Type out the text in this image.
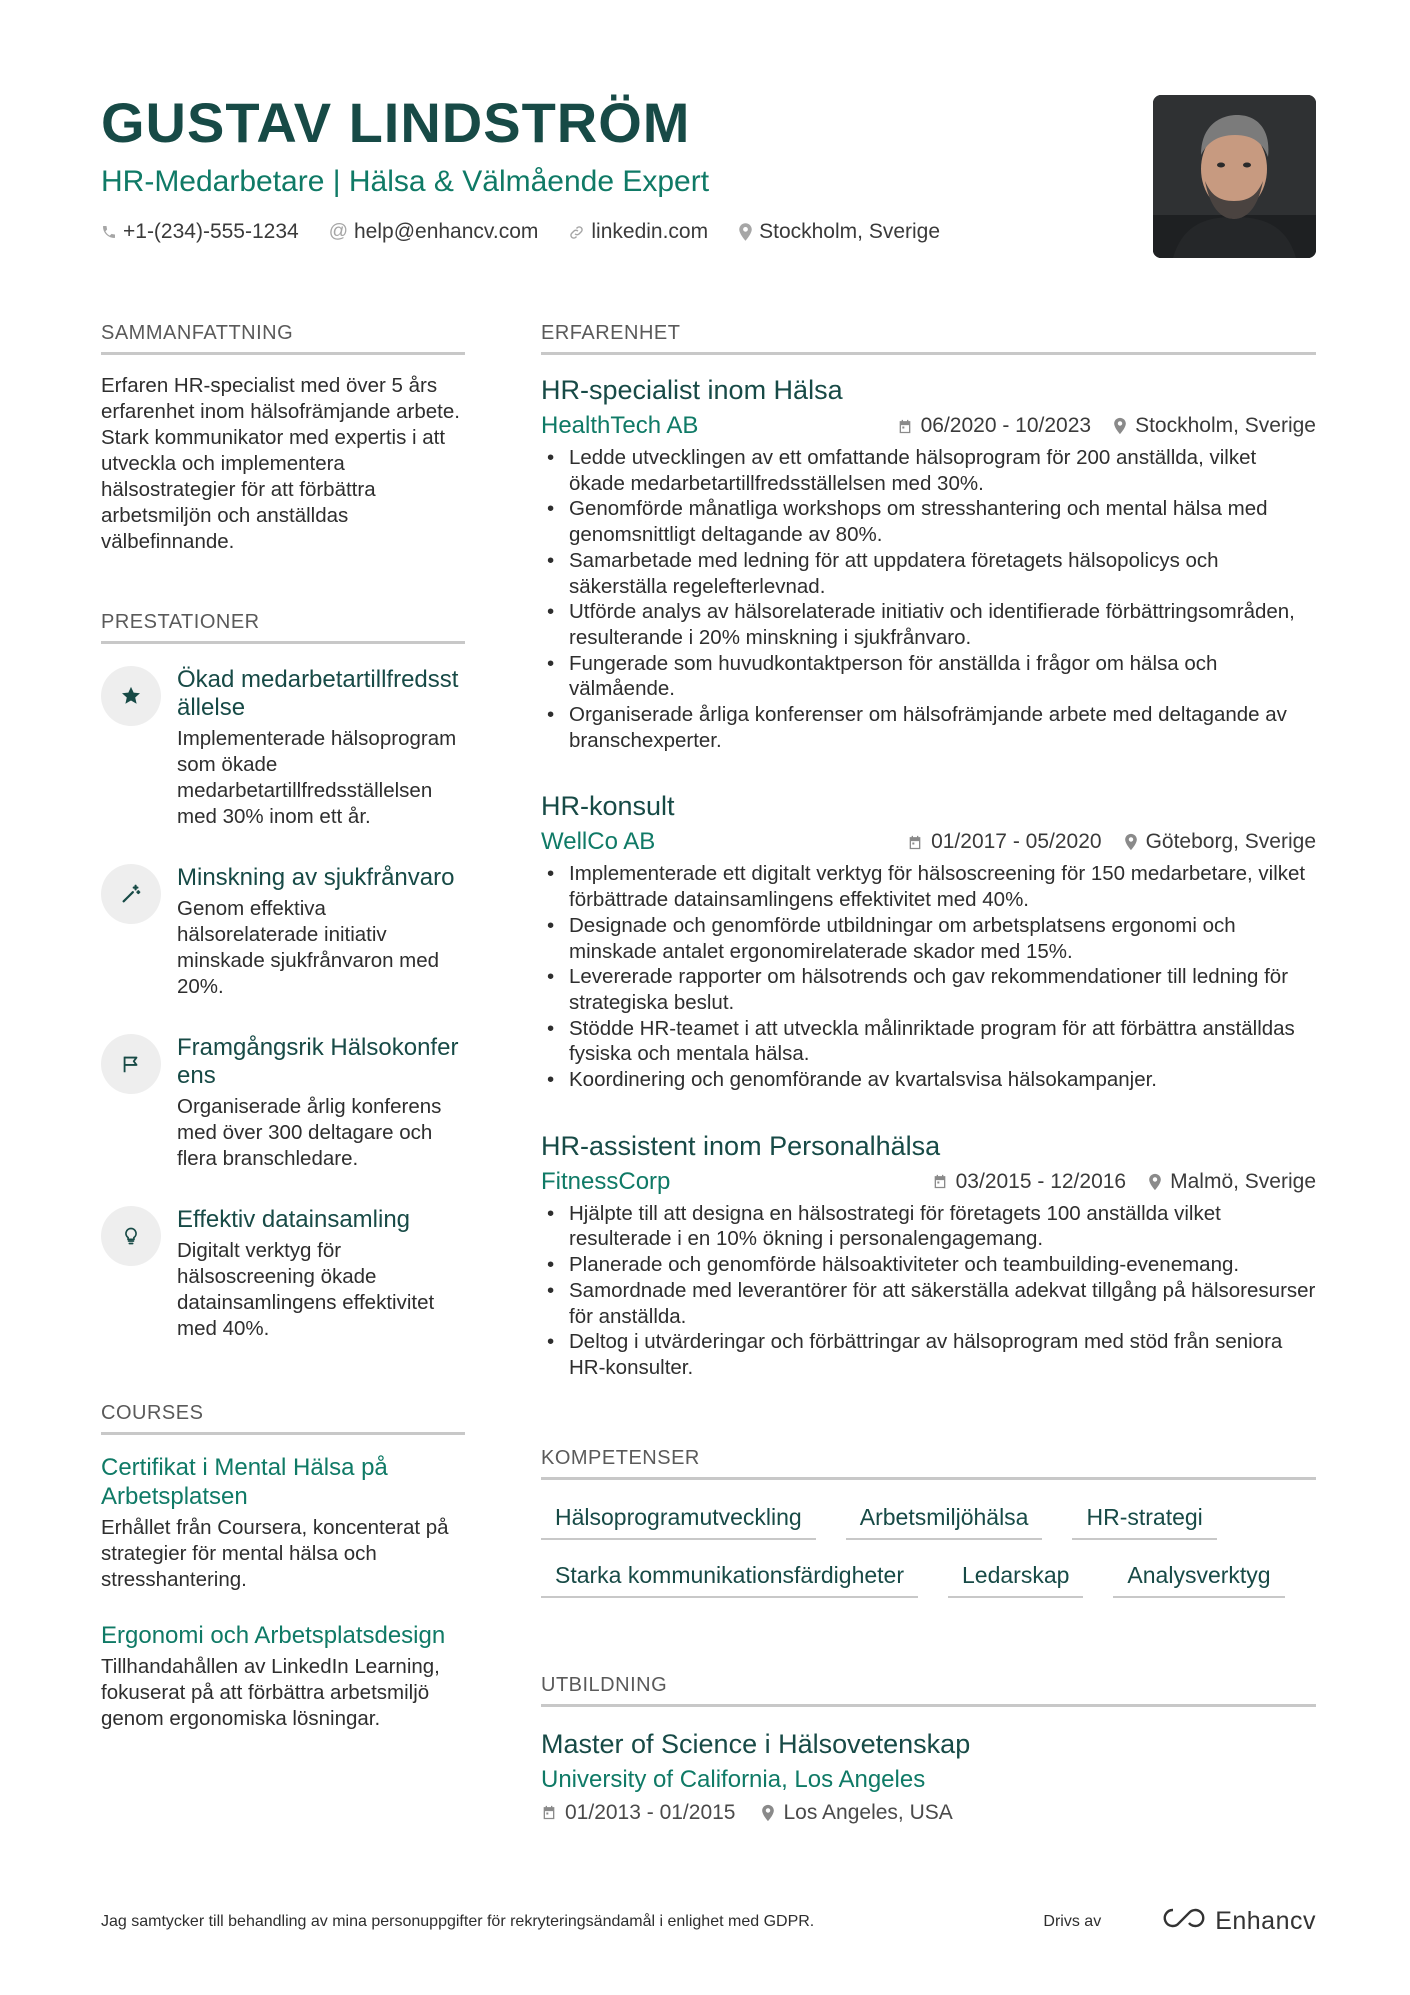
GUSTAV LINDSTRÖM
HR-Medarbetare | Hälsa & Välmående Expert
+1-(234)-555-1234 @ help@enhancv.com	linkedin.com Stockholm, Sverige
SAMMANFATTNING
Erfaren HR-specialist med över 5 års erfarenhet inom hälsofrämjande arbete. Stark kommunikator med expertis i att utveckla och implementera hälsostrategier för att förbättra arbetsmiljön och anställdas välbefinnande.
PRESTATIONER
Ökad medarbetartillfredsställelse
Implementerade hälsoprogram som ökade medarbetartillfredsställelsen med 30% inom ett år.
Minskning av sjukfrånvaro
Genom effektiva hälsorelaterade initiativ minskade sjukfrånvaron med 20%.
Framgångsrik Hälsokonferens
Organiserade årlig konferens med över 300 deltagare och flera branschledare.
Effektiv datainsamling
Digitalt verktyg för hälsoscreening ökade datainsamlingens effektivitet med 40%.
COURSES
Certifikat i Mental Hälsa på Arbetsplatsen
Erhållet från Coursera, koncenterat på strategier för mental hälsa och stresshantering.
Ergonomi och Arbetsplatsdesign
Tillhandahållen av LinkedIn Learning, fokuserat på att förbättra arbetsmiljö genom ergonomiska lösningar.
ERFARENHET
HR-specialist inom Hälsa
HealthTech AB	06/2020 - 10/2023 Stockholm, Sverige
• Ledde utvecklingen av ett omfattande hälsoprogram för 200 anställda, vilket ökade medarbetartillfredsställelsen med 30%.
• Genomförde månatliga workshops om stresshantering och mental hälsa med genomsnittligt deltagande av 80%.
• Samarbetade med ledning för att uppdatera företagets hälsopolicys och säkerställa regelefterlevnad.
• Utförde analys av hälsorelaterade initiativ och identifierade förbättringsområden, resulterande i 20% minskning i sjukfrånvaro.
• Fungerade som huvudkontaktperson för anställda i frågor om hälsa och välmående.
• Organiserade årliga konferenser om hälsofrämjande arbete med deltagande av branschexperter.
HR-konsult
WellCo AB	01/2017 - 05/2020 Göteborg, Sverige
• Implementerade ett digitalt verktyg för hälsoscreening för 150 medarbetare, vilket förbättrade datainsamlingens effektivitet med 40%.
• Designade och genomförde utbildningar om arbetsplatsens ergonomi och minskade antalet ergonomirelaterade skador med 15%.
• Levererade rapporter om hälsotrends och gav rekommendationer till ledning för strategiska beslut.
• Stödde HR-teamet i att utveckla målinriktade program för att förbättra anställdas fysiska och mentala hälsa.
• Koordinering och genomförande av kvartalsvisa hälsokampanjer.
HR-assistent inom Personalhälsa
FitnessCorp	03/2015 - 12/2016 Malmö, Sverige
• Hjälpte till att designa en hälsostrategi för företagets 100 anställda vilket resulterade i en 10% ökning i personalengagemang.
• Planerade och genomförde hälsoaktiviteter och teambuilding-evenemang.
• Samordnade med leverantörer för att säkerställa adekvat tillgång på hälsoresurser för anställda.
• Deltog i utvärderingar och förbättringar av hälsoprogram med stöd från seniora HR-konsulter.
KOMPETENSER
Hälsoprogramutveckling	Arbetsmiljöhälsa	HR-strategi
Starka kommunikationsfärdigheter	Ledarskap	Analysverktyg
UTBILDNING
Master of Science i Hälsovetenskap
University of California, Los Angeles
01/2013 - 01/2015 Los Angeles, USA
Jag samtycker till behandling av mina personuppgifter för rekryteringsändamål i enlighet med GDPR.	Drivs av	Enhancv
